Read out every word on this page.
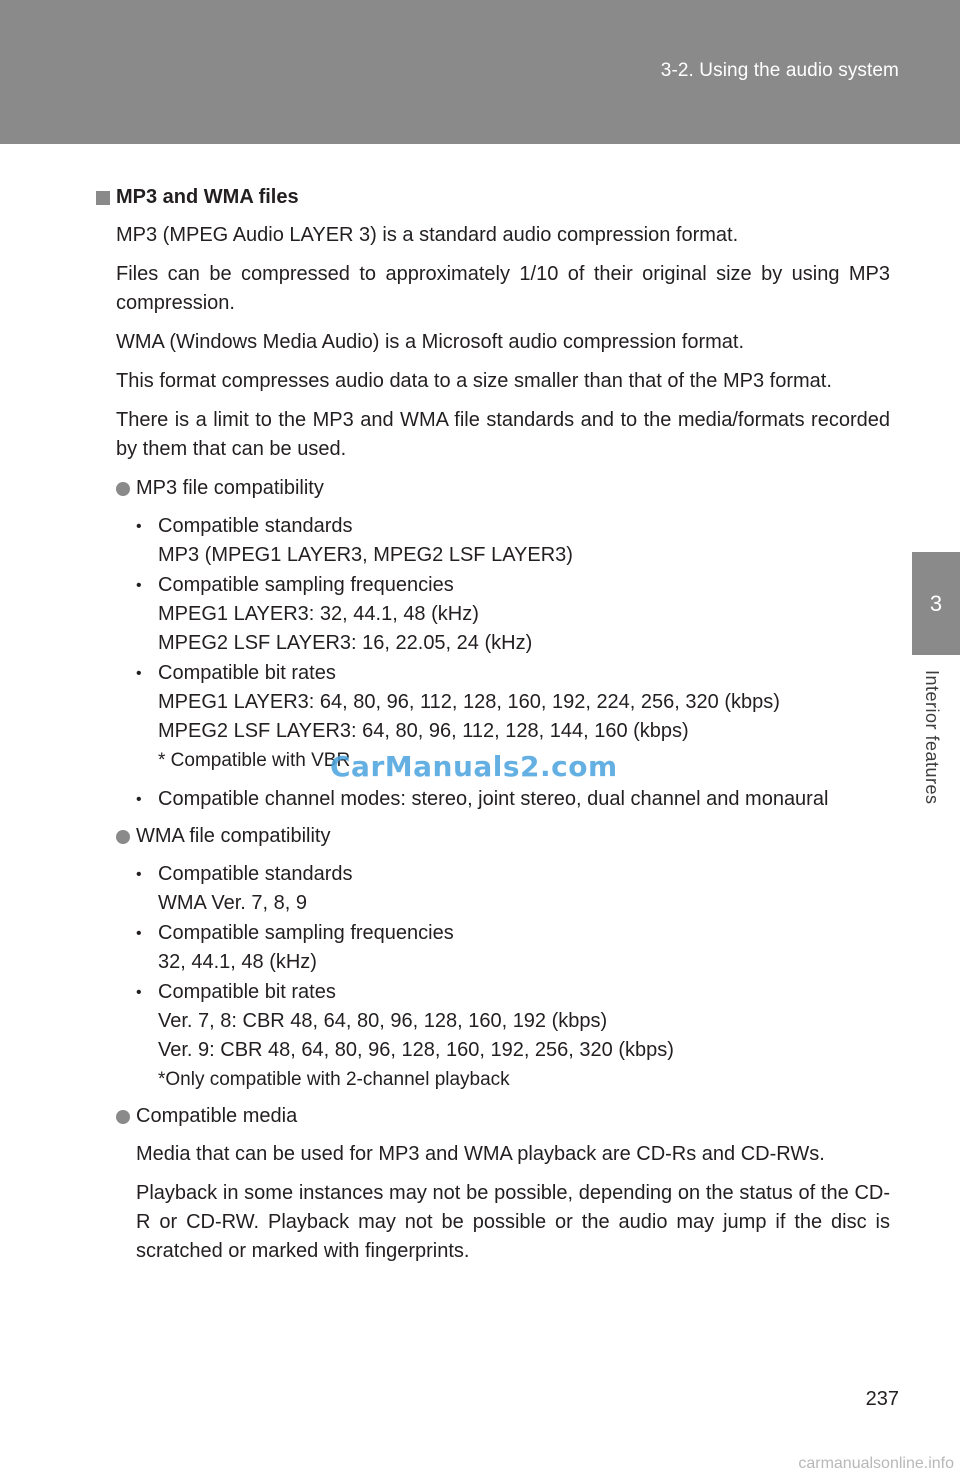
3-2. Using the audio system
3
Interior features
MP3 and WMA files

MP3 (MPEG Audio LAYER 3) is a standard audio compression format.

Files can be compressed to approximately 1/10 of their original size by using MP3 compression.

WMA (Windows Media Audio) is a Microsoft audio compression format.

This format compresses audio data to a size smaller than that of the MP3 format.

There is a limit to the MP3 and WMA file standards and to the media/formats recorded by them that can be used.

MP3 file compatibility
• Compatible standards
MP3 (MPEG1 LAYER3, MPEG2 LSF LAYER3)
• Compatible sampling frequencies
MPEG1 LAYER3: 32, 44.1, 48 (kHz)
MPEG2 LSF LAYER3: 16, 22.05, 24 (kHz)
• Compatible bit rates
MPEG1 LAYER3: 64, 80, 96, 112, 128, 160, 192, 224, 256, 320 (kbps)
MPEG2 LSF LAYER3: 64, 80, 96, 112, 128, 144, 160 (kbps)
* Compatible with VBR
• Compatible channel modes: stereo, joint stereo, dual channel and monaural
WMA file compatibility
• Compatible standards
WMA Ver. 7, 8, 9
• Compatible sampling frequencies
32, 44.1, 48 (kHz)
• Compatible bit rates
Ver. 7, 8: CBR 48, 64, 80, 96, 128, 160, 192 (kbps)
Ver. 9: CBR 48, 64, 80, 96, 128, 160, 192, 256, 320 (kbps)
*Only compatible with 2-channel playback
Compatible media

Media that can be used for MP3 and WMA playback are CD-Rs and CD-RWs.

Playback in some instances may not be possible, depending on the status of the CD-R or CD-RW. Playback may not be possible or the audio may jump if the disc is scratched or marked with fingerprints.

CarManuals2.com
237
carmanualsonline.info
